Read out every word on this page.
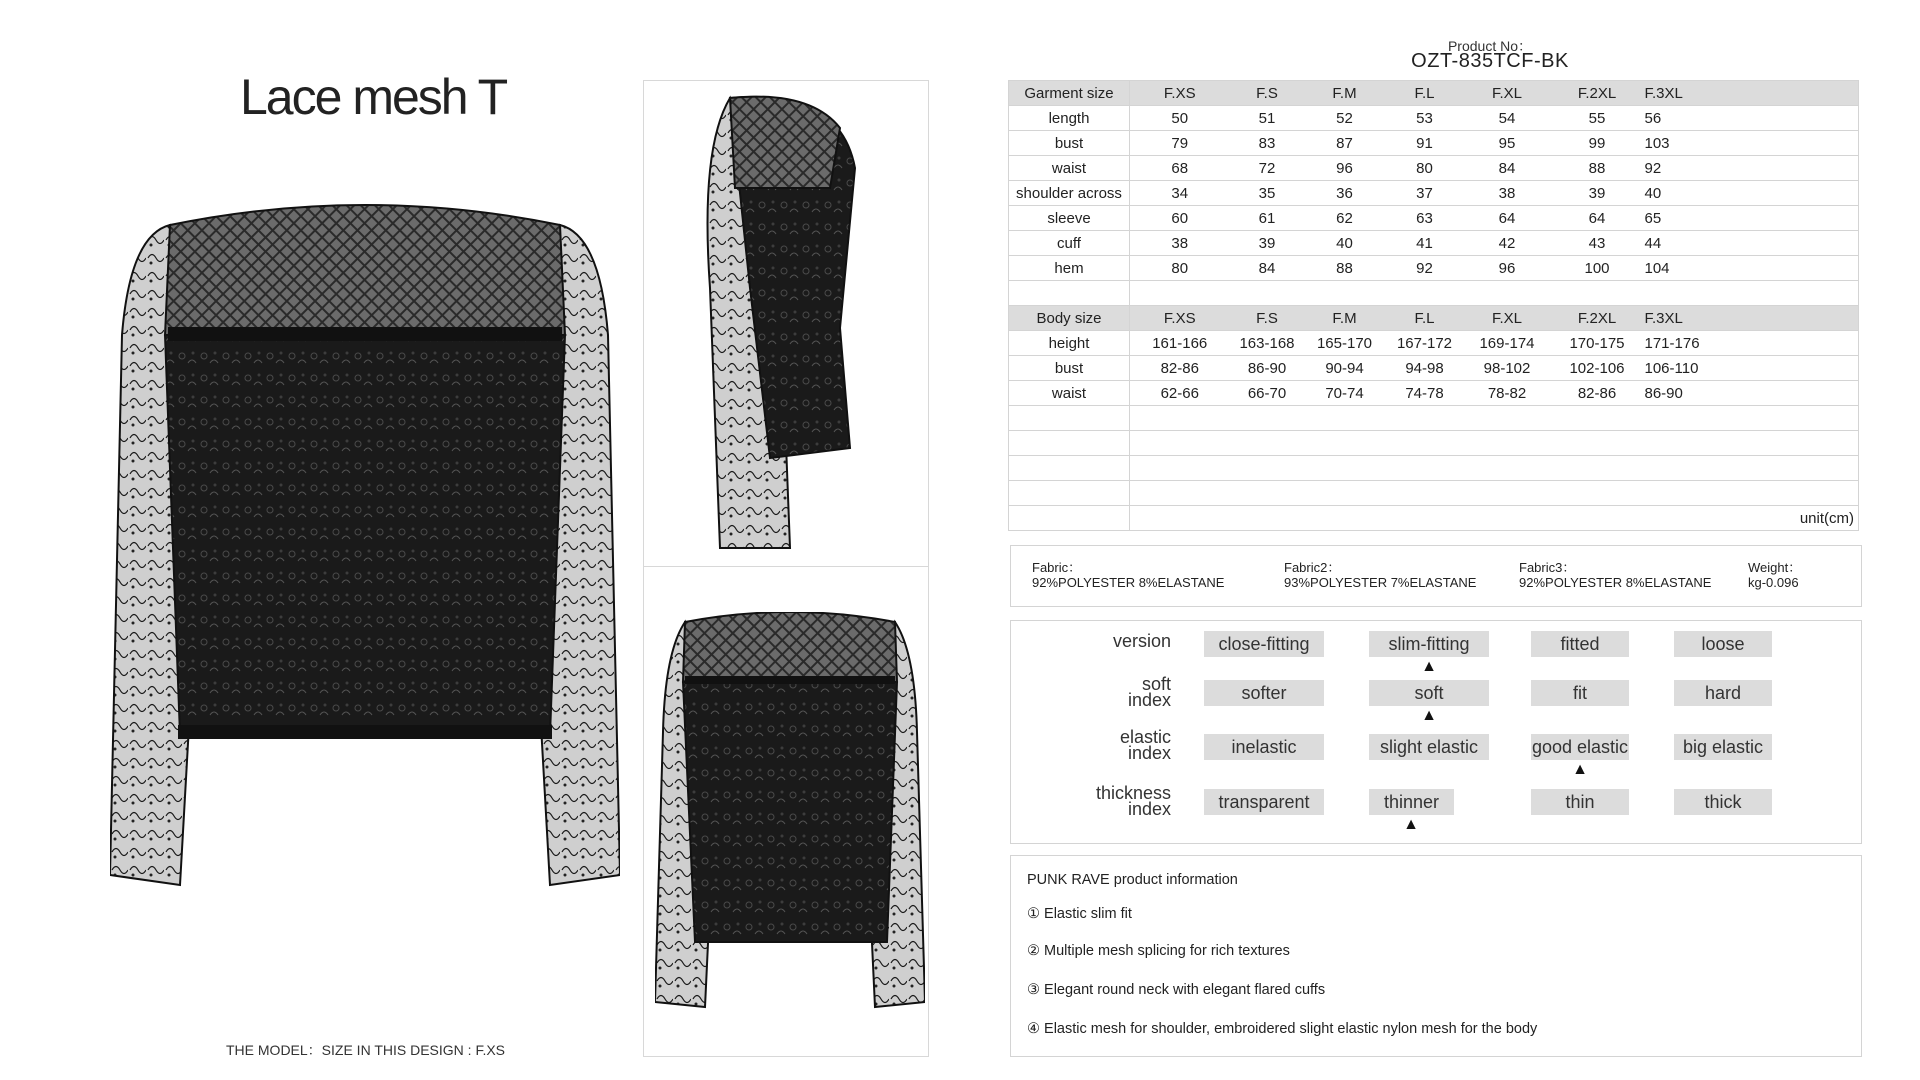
Lace mesh T
THE MODEL：SIZE IN THIS DESIGN : F.XS
Product No：
OZT-835TCF-BK
Garment size	F.XS	F.S	F.M	F.L	F.XL	F.2XL	F.3XL
length	50	51	52	53	54	55	56
bust	79	83	87	91	95	99	103
waist	68	72	96	80	84	88	92
shoulder across	34	35	36	37	38	39	40
sleeve	60	61	62	63	64	64	65
cuff	38	39	40	41	42	43	44
hem	80	84	88	92	96	100	104

Body size	F.XS	F.S	F.M	F.L	F.XL	F.2XL	F.3XL
height	161-166	163-168	165-170	167-172	169-174	170-175	171-176
bust	82-86	86-90	90-94	94-98	98-102	102-106	106-110
waist	62-66	66-70	70-74	74-78	78-82	82-86	86-90

	unit(cm)						
Fabric：
92%POLYESTER 8%ELASTANE
Fabric2：
93%POLYESTER 7%ELASTANE
Fabric3：
92%POLYESTER 8%ELASTANE
Weight：
kg-0.096
version	close-fitting	slim-fitting	fitted	loose
▲
soft
index	softer	soft	fit	hard
▲
elastic
index	inelastic	slight elastic	good elastic	big elastic
▲
thickness
index	transparent	thinner	thin	thick
▲
PUNK RAVE product information
① Elastic slim fit
② Multiple mesh splicing for rich textures
③ Elegant round neck with elegant flared cuffs
④ Elastic mesh for shoulder, embroidered slight elastic nylon mesh for the body
